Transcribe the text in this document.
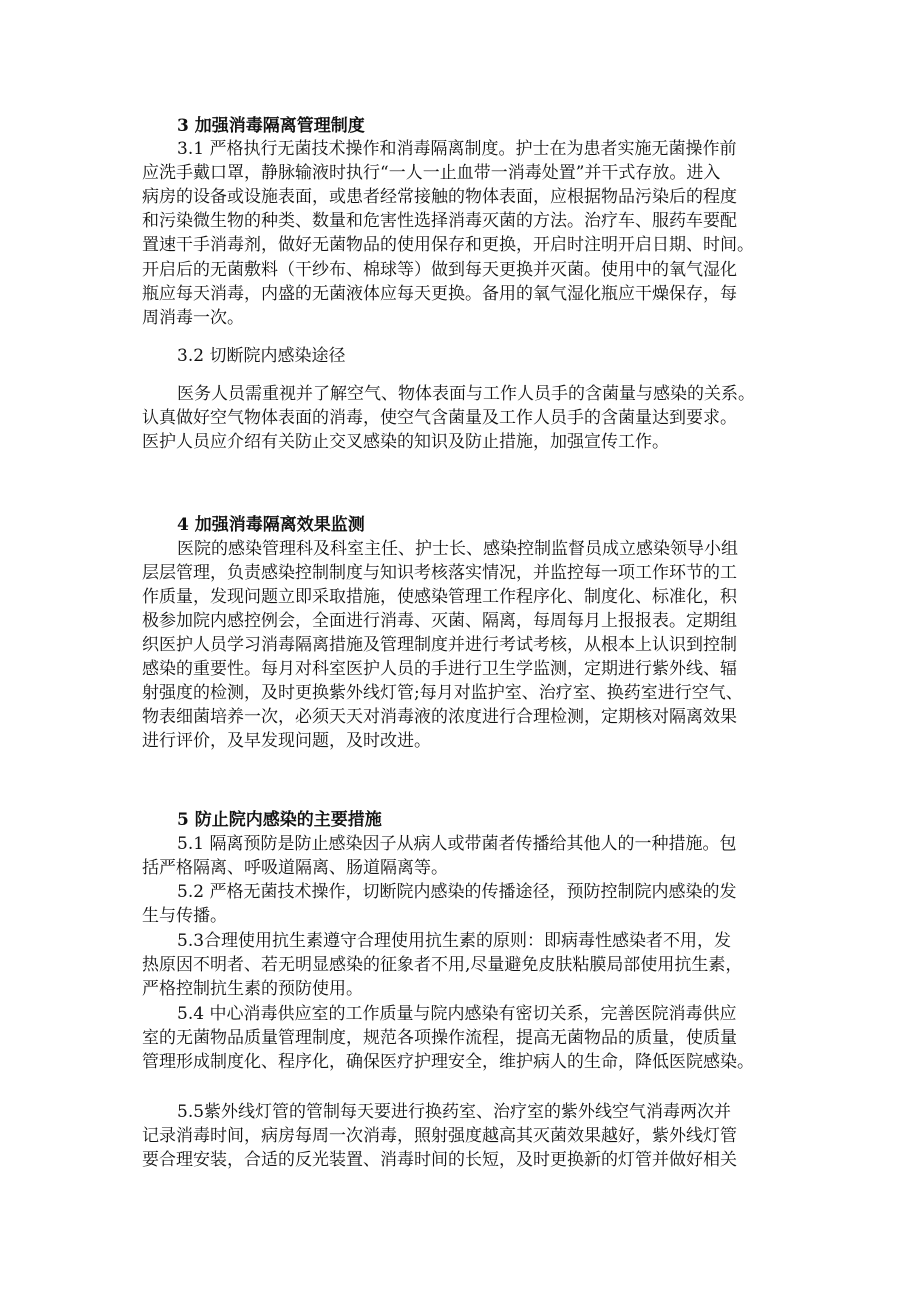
3 加强消毒隔离管理制度
3.1 严格执行无菌技术操作和消毒隔离制度。护士在为患者实施无菌操作前
应洗手戴口罩，静脉输液时执行“一人一止血带一消毒处置”并干式存放。进入
病房的设备或设施表面，或患者经常接触的物体表面，应根据物品污染后的程度
和污染微生物的种类、数量和危害性选择消毒灭菌的方法。治疗车、服药车要配
置速干手消毒剂，做好无菌物品的使用保存和更换，开启时注明开启日期、时间。
开启后的无菌敷料（干纱布、棉球等）做到每天更换并灭菌。使用中的氧气湿化
瓶应每天消毒，内盛的无菌液体应每天更换。备用的氧气湿化瓶应干燥保存，每
周消毒一次。
3.2 切断院内感染途径
医务人员需重视并了解空气、物体表面与工作人员手的含菌量与感染的关系。
认真做好空气物体表面的消毒，使空气含菌量及工作人员手的含菌量达到要求。
医护人员应介绍有关防止交叉感染的知识及防止措施，加强宣传工作。
4 加强消毒隔离效果监测
医院的感染管理科及科室主任、护士长、感染控制监督员成立感染领导小组
层层管理，负责感染控制制度与知识考核落实情况，并监控每一项工作环节的工
作质量，发现问题立即采取措施，使感染管理工作程序化、制度化、标准化，积
极参加院内感控例会，全面进行消毒、灭菌、隔离，每周每月上报报表。定期组
织医护人员学习消毒隔离措施及管理制度并进行考试考核，从根本上认识到控制
感染的重要性。每月对科室医护人员的手进行卫生学监测，定期进行紫外线、辐
射强度的检测，及时更换紫外线灯管;每月对监护室、治疗室、换药室进行空气、
物表细菌培养一次，必须天天对消毒液的浓度进行合理检测，定期核对隔离效果
进行评价，及早发现问题，及时改进。
5 防止院内感染的主要措施
5.1 隔离预防是防止感染因子从病人或带菌者传播给其他人的一种措施。包
括严格隔离、呼吸道隔离、肠道隔离等。
5.2 严格无菌技术操作，切断院内感染的传播途径，预防控制院内感染的发
生与传播。
5.3合理使用抗生素遵守合理使用抗生素的原则：即病毒性感染者不用，发
热原因不明者、若无明显感染的征象者不用,尽量避免皮肤粘膜局部使用抗生素，
严格控制抗生素的预防使用。
5.4 中心消毒供应室的工作质量与院内感染有密切关系，完善医院消毒供应
室的无菌物品质量管理制度，规范各项操作流程，提高无菌物品的质量，使质量
管理形成制度化、程序化，确保医疗护理安全，维护病人的生命，降低医院感染。
5.5紫外线灯管的管制每天要进行换药室、治疗室的紫外线空气消毒两次并
记录消毒时间，病房每周一次消毒，照射强度越高其灭菌效果越好，紫外线灯管
要合理安装，合适的反光装置、消毒时间的长短，及时更换新的灯管并做好相关
